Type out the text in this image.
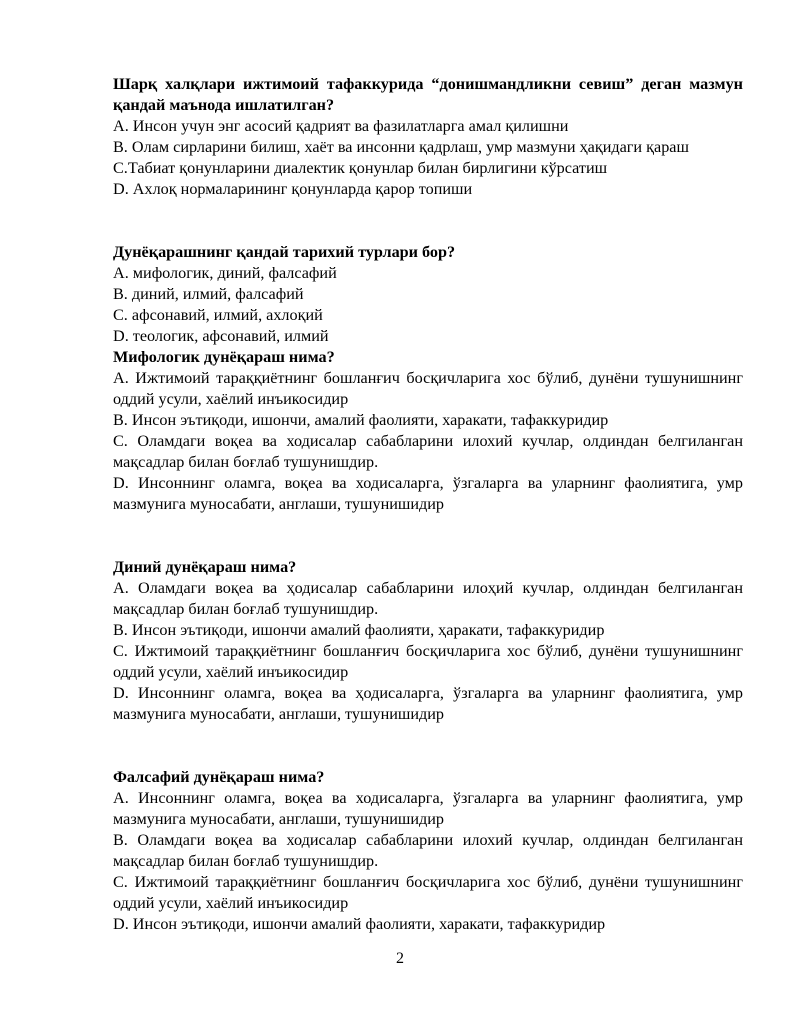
Шарқ халқлари ижтимоий тафаккурида “донишмандликни севиш” деган мазмун қандай маънода ишлатилган?
A. Инсон учун энг асосий қадрият ва фазилатларга амал қилишни
B. Олам сирларини билиш, хаёт ва инсонни қадрлаш, умр мазмуни ҳақидаги қараш
C.Табиат қонунларини диалектик қонунлар билан бирлигини кўрсатиш
D. Ахлоқ нормаларининг қонунларда қарор топиши
Дунёқарашнинг қандай тарихий турлари бор?
A. мифологик, диний, фалсафий
B. диний, илмий, фалсафий
C. афсонавий, илмий, ахлоқий
D. теологик, афсонавий, илмий
Мифологик дунёқараш нима?
A. Ижтимоий тараққиётнинг бошланғич босқичларига хос бўлиб, дунёни тушунишнинг оддий усули, хаёлий инъикосидир
B. Инсон эътиқоди, ишончи, амалий фаолияти, харакати, тафаккуридир
C. Оламдаги воқеа ва ходисалар сабабларини илохий кучлар, олдиндан белгиланган мақсадлар билан боғлаб тушунишдир.
D. Инсоннинг оламга, воқеа ва ходисаларга, ўзгаларга ва уларнинг фаолиятига, умр мазмунига муносабати, англаши, тушунишидир
Диний дунёқараш нима?
A. Оламдаги воқеа ва ҳодисалар сабабларини илоҳий кучлар, олдиндан белгиланган мақсадлар билан боғлаб тушунишдир.
B. Инсон эътиқоди, ишончи амалий фаолияти, ҳаракати, тафаккуридир
C. Ижтимоий тараққиётнинг бошланғич босқичларига хос бўлиб, дунёни тушунишнинг оддий усули, хаёлий инъикосидир
D. Инсоннинг оламга, воқеа ва ҳодисаларга, ўзгаларга ва уларнинг фаолиятига, умр мазмунига муносабати, англаши, тушунишидир
Фалсафий дунёқараш нима?
A. Инсоннинг оламга, воқеа ва ходисаларга, ўзгаларга ва уларнинг фаолиятига, умр мазмунига муносабати, англаши, тушунишидир
B. Оламдаги воқеа ва ходисалар сабабларини илохий кучлар, олдиндан белгиланган мақсадлар билан боғлаб тушунишдир.
C. Ижтимоий тараққиётнинг бошланғич босқичларига хос бўлиб, дунёни тушунишнинг оддий усули, хаёлий инъикосидир
D. Инсон эътиқоди, ишончи амалий фаолияти, харакати, тафаккуридир
2
